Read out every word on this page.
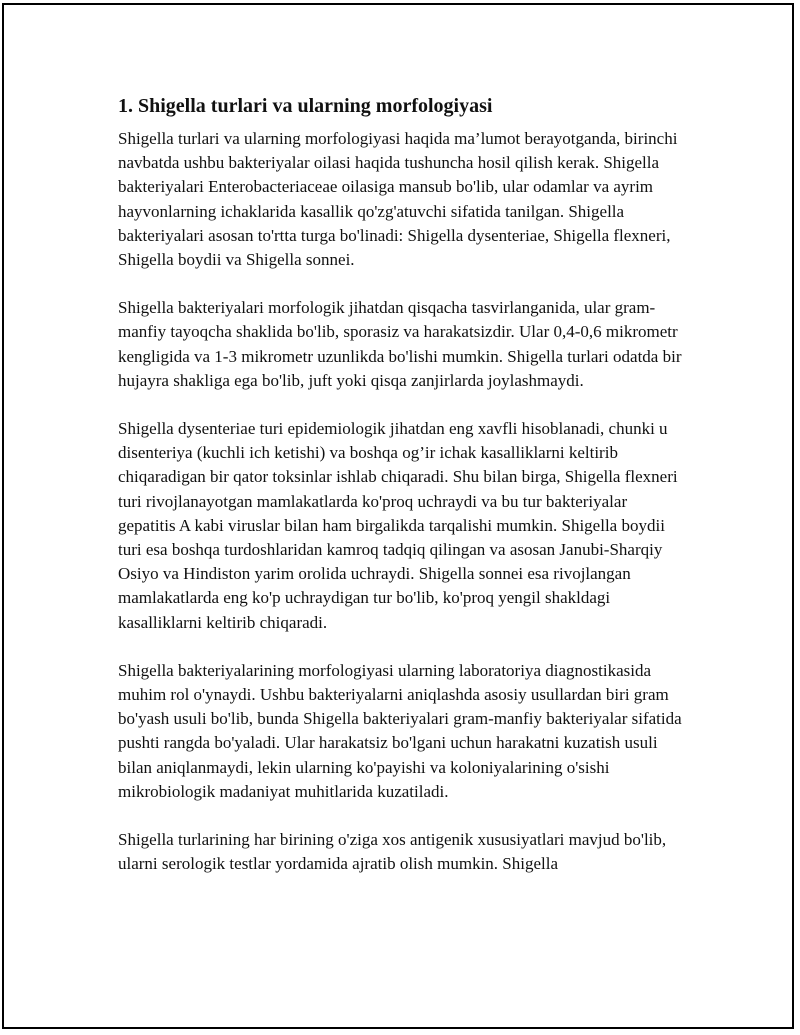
1. Shigella turlari va ularning morfologiyasi

Shigella turlari va ularning morfologiyasi haqida ma’lumot berayotganda, birinchi navbatda ushbu bakteriyalar oilasi haqida tushuncha hosil qilish kerak. Shigella bakteriyalari Enterobacteriaceae oilasiga mansub bo'lib, ular odamlar va ayrim hayvonlarning ichaklarida kasallik qo'zg'atuvchi sifatida tanilgan. Shigella bakteriyalari asosan to'rtta turga bo'linadi: Shigella dysenteriae, Shigella flexneri, Shigella boydii va Shigella sonnei.

Shigella bakteriyalari morfologik jihatdan qisqacha tasvirlanganida, ular gram-manfiy tayoqcha shaklida bo'lib, sporasiz va harakatsizdir. Ular 0,4-0,6 mikrometr kengligida va 1-3 mikrometr uzunlikda bo'lishi mumkin. Shigella turlari odatda bir hujayra shakliga ega bo'lib, juft yoki qisqa zanjirlarda joylashmaydi.

Shigella dysenteriae turi epidemiologik jihatdan eng xavfli hisoblanadi, chunki u disenteriya (kuchli ich ketishi) va boshqa og’ir ichak kasalliklarni keltirib chiqaradigan bir qator toksinlar ishlab chiqaradi. Shu bilan birga, Shigella flexneri turi rivojlanayotgan mamlakatlarda ko'proq uchraydi va bu tur bakteriyalar gepatitis A kabi viruslar bilan ham birgalikda tarqalishi mumkin. Shigella boydii turi esa boshqa turdoshlaridan kamroq tadqiq qilingan va asosan Janubi-Sharqiy Osiyo va Hindiston yarim orolida uchraydi. Shigella sonnei esa rivojlangan mamlakatlarda eng ko'p uchraydigan tur bo'lib, ko'proq yengil shakldagi kasalliklarni keltirib chiqaradi.

Shigella bakteriyalarining morfologiyasi ularning laboratoriya diagnostikasida muhim rol o'ynaydi. Ushbu bakteriyalarni aniqlashda asosiy usullardan biri gram bo'yash usuli bo'lib, bunda Shigella bakteriyalari gram-manfiy bakteriyalar sifatida pushti rangda bo'yaladi. Ular harakatsiz bo'lgani uchun harakatni kuzatish usuli bilan aniqlanmaydi, lekin ularning ko'payishi va koloniyalarining o'sishi mikrobiologik madaniyat muhitlarida kuzatiladi.

Shigella turlarining har birining o'ziga xos antigenik xususiyatlari mavjud bo'lib, ularni serologik testlar yordamida ajratib olish mumkin. Shigella
